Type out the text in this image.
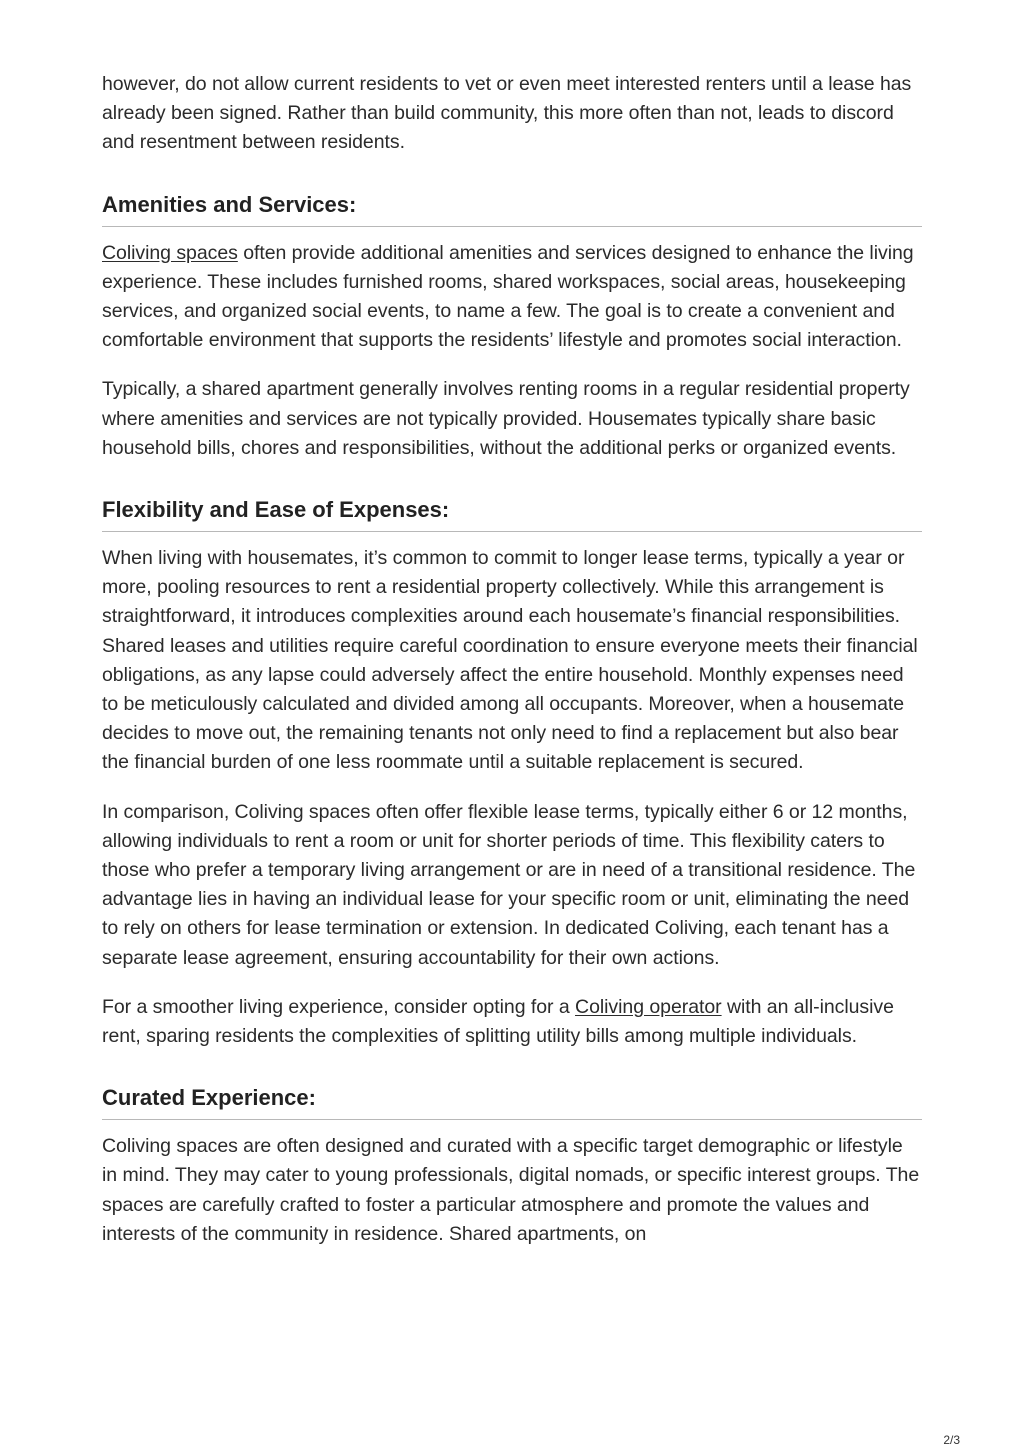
however, do not allow current residents to vet or even meet interested renters until a lease has already been signed. Rather than build community, this more often than not, leads to discord and resentment between residents.

Amenities and Services:

Coliving spaces often provide additional amenities and services designed to enhance the living experience. These includes furnished rooms, shared workspaces, social areas, housekeeping services, and organized social events, to name a few. The goal is to create a convenient and comfortable environment that supports the residents’ lifestyle and promotes social interaction.

Typically, a shared apartment generally involves renting rooms in a regular residential property where amenities and services are not typically provided. Housemates typically share basic household bills, chores and responsibilities, without the additional perks or organized events.

Flexibility and Ease of Expenses:

When living with housemates, it’s common to commit to longer lease terms, typically a year or more, pooling resources to rent a residential property collectively. While this arrangement is straightforward, it introduces complexities around each housemate’s financial responsibilities. Shared leases and utilities require careful coordination to ensure everyone meets their financial obligations, as any lapse could adversely affect the entire household. Monthly expenses need to be meticulously calculated and divided among all occupants. Moreover, when a housemate decides to move out, the remaining tenants not only need to find a replacement but also bear the financial burden of one less roommate until a suitable replacement is secured.

In comparison, Coliving spaces often offer flexible lease terms, typically either 6 or 12 months, allowing individuals to rent a room or unit for shorter periods of time. This flexibility caters to those who prefer a temporary living arrangement or are in need of a transitional residence. The advantage lies in having an individual lease for your specific room or unit, eliminating the need to rely on others for lease termination or extension. In dedicated Coliving, each tenant has a separate lease agreement, ensuring accountability for their own actions.

For a smoother living experience, consider opting for a Coliving operator with an all-inclusive rent, sparing residents the complexities of splitting utility bills among multiple individuals.

Curated Experience:

Coliving spaces are often designed and curated with a specific target demographic or lifestyle in mind. They may cater to young professionals, digital nomads, or specific interest groups. The spaces are carefully crafted to foster a particular atmosphere and promote the values and interests of the community in residence. Shared apartments, on

2/3
